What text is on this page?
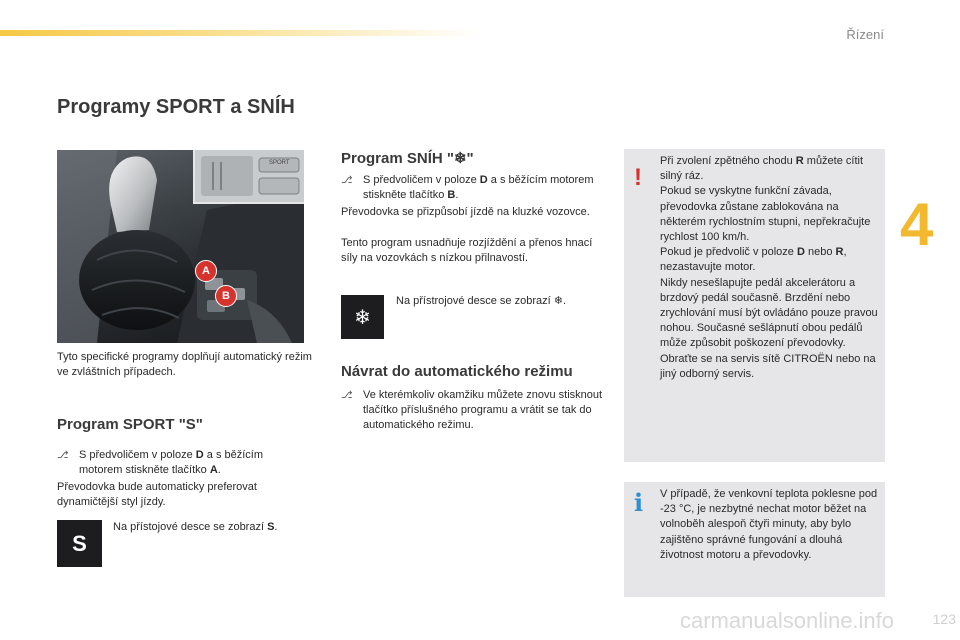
Řízení
4
Programy SPORT a SNÍH
SPORT
A
B
Tyto specifické programy doplňují automatický režim ve zvláštních případech.
Program SPORT "S"
⎇ S předvoličem v poloze D a s běžícím motorem stiskněte tlačítko A.
Převodovka bude automaticky preferovat dynamičtější styl jízdy.
S
Na přístojové desce se zobrazí S.
Program SNÍH "❄"
⎇ S předvoličem v poloze D a s běžícím motorem stiskněte tlačítko B.
Převodovka se přizpůsobí jízdě na kluzké vozovce.
Tento program usnadňuje rozjíždění a přenos hnací síly na vozovkách s nízkou přilnavostí.
❄
Na přístrojové desce se zobrazí ❄.
Návrat do automatického režimu
⎇ Ve kterémkoliv okamžiku můžete znovu stisknout tlačítko příslušného programu a vrátit se tak do automatického režimu.
!
Při zvolení zpětného chodu R můžete cítit silný ráz.
Pokud se vyskytne funkční závada, převodovka zůstane zablokována na některém rychlostním stupni, nepřekračujte rychlost 100 km/h.
Pokud je předvolič v poloze D nebo R, nezastavujte motor.
Nikdy nesešlapujte pedál akcelerátoru a brzdový pedál současně. Brzdění nebo zrychlování musí být ovládáno pouze pravou nohou. Současné sešlápnutí obou pedálů může způsobit poškození převodovky.
Obraťte se na servis sítě CITROËN nebo na jiný odborný servis.
i V případě, že venkovní teplota poklesne pod -23 °C, je nezbytné nechat motor běžet na volnoběh alespoň čtyři minuty, aby bylo zajištěno správné fungování a dlouhá životnost motoru a převodovky.
carmanualsonline.info	123
